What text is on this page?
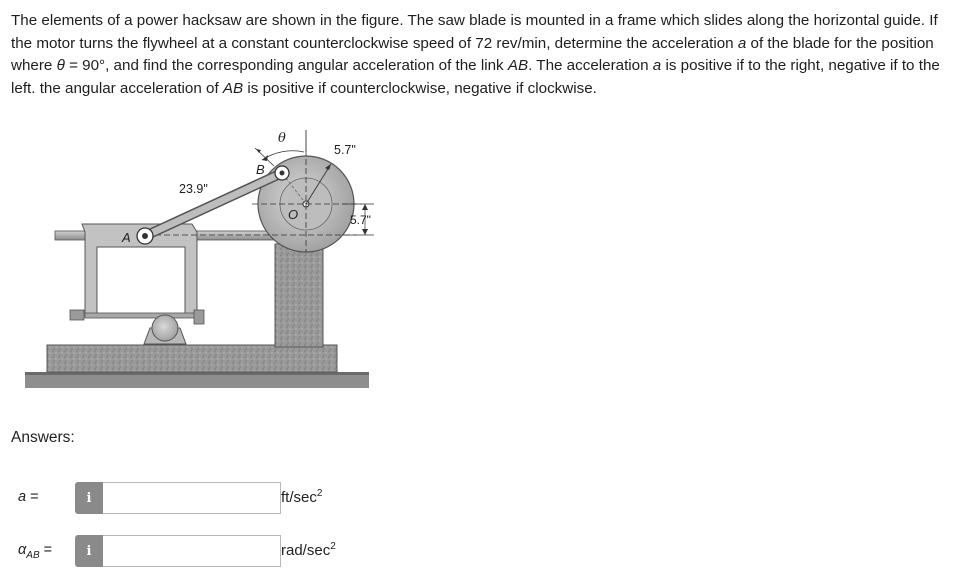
The elements of a power hacksaw are shown in the figure. The saw blade is mounted in a frame which slides along the horizontal guide. If the motor turns the flywheel at a constant counterclockwise speed of 72 rev/min, determine the acceleration a of the blade for the position where θ = 90°, and find the corresponding angular acceleration of the link AB. The acceleration a is positive if to the right, negative if to the left. the angular acceleration of AB is positive if counterclockwise, negative if clockwise.
θ
B
A
O
23.9"
5.7"
5.7"
Answers:
a =	i	$ft/\sec^2$
$\alpha_{AB}$ =	i	rad/$\sec^2$
